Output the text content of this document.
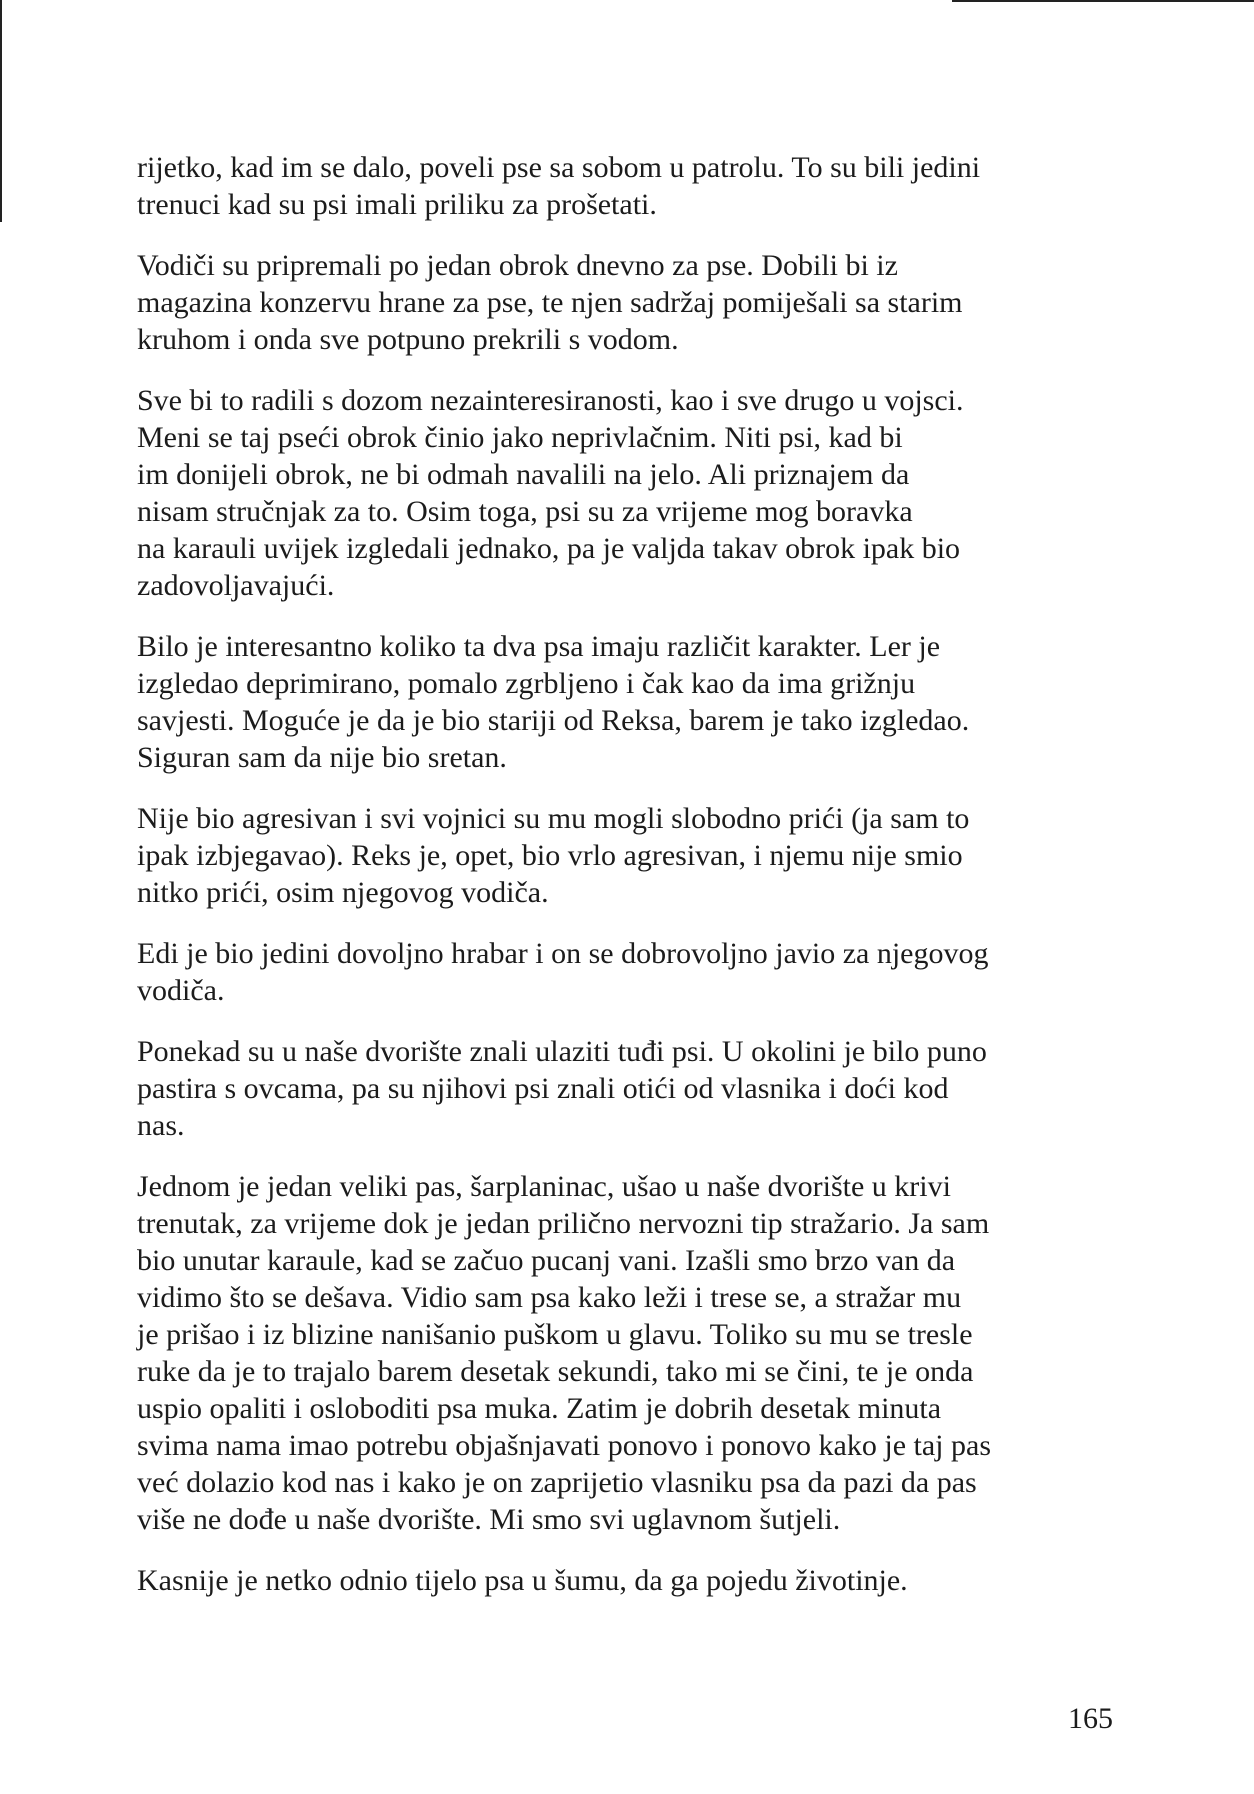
rijetko, kad im se dalo, poveli pse sa sobom u patrolu. To su bili jedini
trenuci kad su psi imali priliku za prošetati.

Vodiči su pripremali po jedan obrok dnevno za pse. Dobili bi iz
magazina konzervu hrane za pse, te njen sadržaj pomiješali sa starim
kruhom i onda sve potpuno prekrili s vodom.

Sve bi to radili s dozom nezainteresiranosti, kao i sve drugo u vojsci.
Meni se taj pseći obrok činio jako neprivlačnim. Niti psi, kad bi
im donijeli obrok, ne bi odmah navalili na jelo. Ali priznajem da
nisam stručnjak za to. Osim toga, psi su za vrijeme mog boravka
na karauli uvijek izgledali jednako, pa je valjda takav obrok ipak bio
zadovoljavajući.

Bilo je interesantno koliko ta dva psa imaju različit karakter. Ler je
izgledao deprimirano, pomalo zgrbljeno i čak kao da ima grižnju
savjesti. Moguće je da je bio stariji od Reksa, barem je tako izgledao.
Siguran sam da nije bio sretan.

Nije bio agresivan i svi vojnici su mu mogli slobodno prići (ja sam to
ipak izbjegavao). Reks je, opet, bio vrlo agresivan, i njemu nije smio
nitko prići, osim njegovog vodiča.

Edi je bio jedini dovoljno hrabar i on se dobrovoljno javio za njegovog
vodiča.

Ponekad su u naše dvorište znali ulaziti tuđi psi. U okolini je bilo puno
pastira s ovcama, pa su njihovi psi znali otići od vlasnika i doći kod
nas.

Jednom je jedan veliki pas, šarplaninac, ušao u naše dvorište u krivi
trenutak, za vrijeme dok je jedan prilično nervozni tip stražario. Ja sam
bio unutar karaule, kad se začuo pucanj vani. Izašli smo brzo van da
vidimo što se dešava. Vidio sam psa kako leži i trese se, a stražar mu
je prišao i iz blizine nanišanio puškom u glavu. Toliko su mu se tresle
ruke da je to trajalo barem desetak sekundi, tako mi se čini, te je onda
uspio opaliti i osloboditi psa muka. Zatim je dobrih desetak minuta
svima nama imao potrebu objašnjavati ponovo i ponovo kako je taj pas
već dolazio kod nas i kako je on zaprijetio vlasniku psa da pazi da pas
više ne dođe u naše dvorište. Mi smo svi uglavnom šutjeli.

Kasnije je netko odnio tijelo psa u šumu, da ga pojedu životinje.

165
